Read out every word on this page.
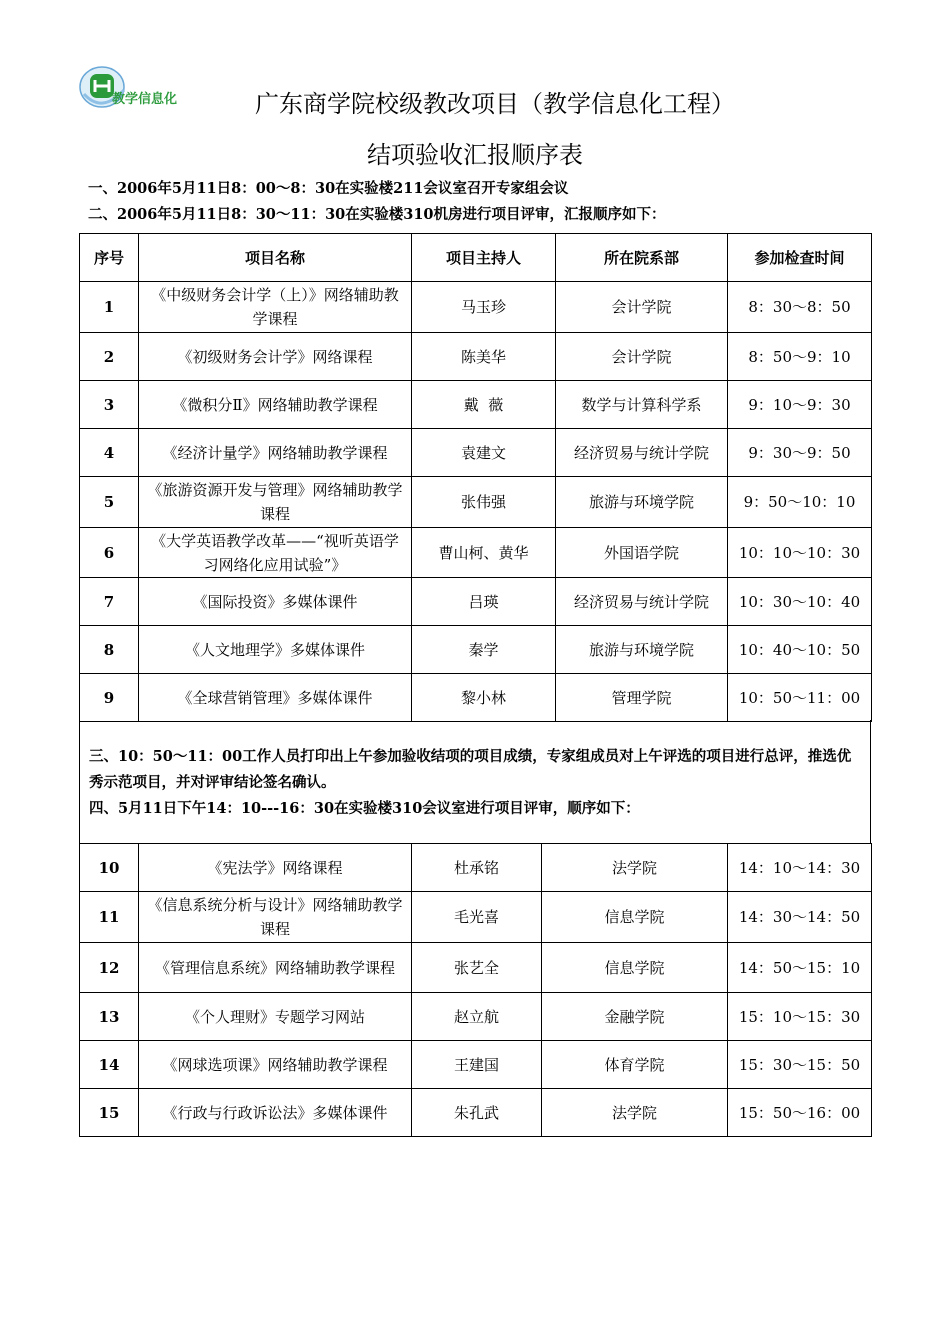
教学信息化	广东商学院校级教改项目（教学信息化工程）
结项验收汇报顺序表
一、2006年5月11日8：00～8：30在实验楼211会议室召开专家组会议
二、2006年5月11日8：30～11：30在实验楼310机房进行项目评审，汇报顺序如下：
序号	项目名称	项目主持人	所在院系部	参加检查时间
1	《中级财务会计学（上）》网络辅助教学课程	马玉珍	会计学院	8：30～8：50
2	《初级财务会计学》网络课程	陈美华	会计学院	8：50～9：10
3	《微积分Ⅱ》网络辅助教学课程	戴  薇	数学与计算科学系	9：10～9：30
4	《经济计量学》网络辅助教学课程	袁建文	经济贸易与统计学院	9：30～9：50
5	《旅游资源开发与管理》网络辅助教学课程	张伟强	旅游与环境学院	9：50～10：10
6	《大学英语教学改革——“视听英语学习网络化应用试验”》	曹山柯、黄华	外国语学院	10：10～10：30
7	《国际投资》多媒体课件	吕瑛	经济贸易与统计学院	10：30～10：40
8	《人文地理学》多媒体课件	秦学	旅游与环境学院	10：40～10：50
9	《全球营销管理》多媒体课件	黎小林	管理学院	10：50～11：00

三、10：50～11：00工作人员打印出上午参加验收结项的项目成绩，专家组成员对上午评选的项目进行总评，推选优秀示范项目，并对评审结论签名确认。

四、5月11日下午14：10---16：30在实验楼310会议室进行项目评审，顺序如下：

10	《宪法学》网络课程	杜承铭	法学院	14：10～14：30
11	《信息系统分析与设计》网络辅助教学课程	毛光喜	信息学院	14：30～14：50
12	《管理信息系统》网络辅助教学课程	张艺全	信息学院	14：50～15：10
13	《个人理财》专题学习网站	赵立航	金融学院	15：10～15：30
14	《网球选项课》网络辅助教学课程	王建国	体育学院	15：30～15：50
15	《行政与行政诉讼法》多媒体课件	朱孔武	法学院	15：50～16：00
